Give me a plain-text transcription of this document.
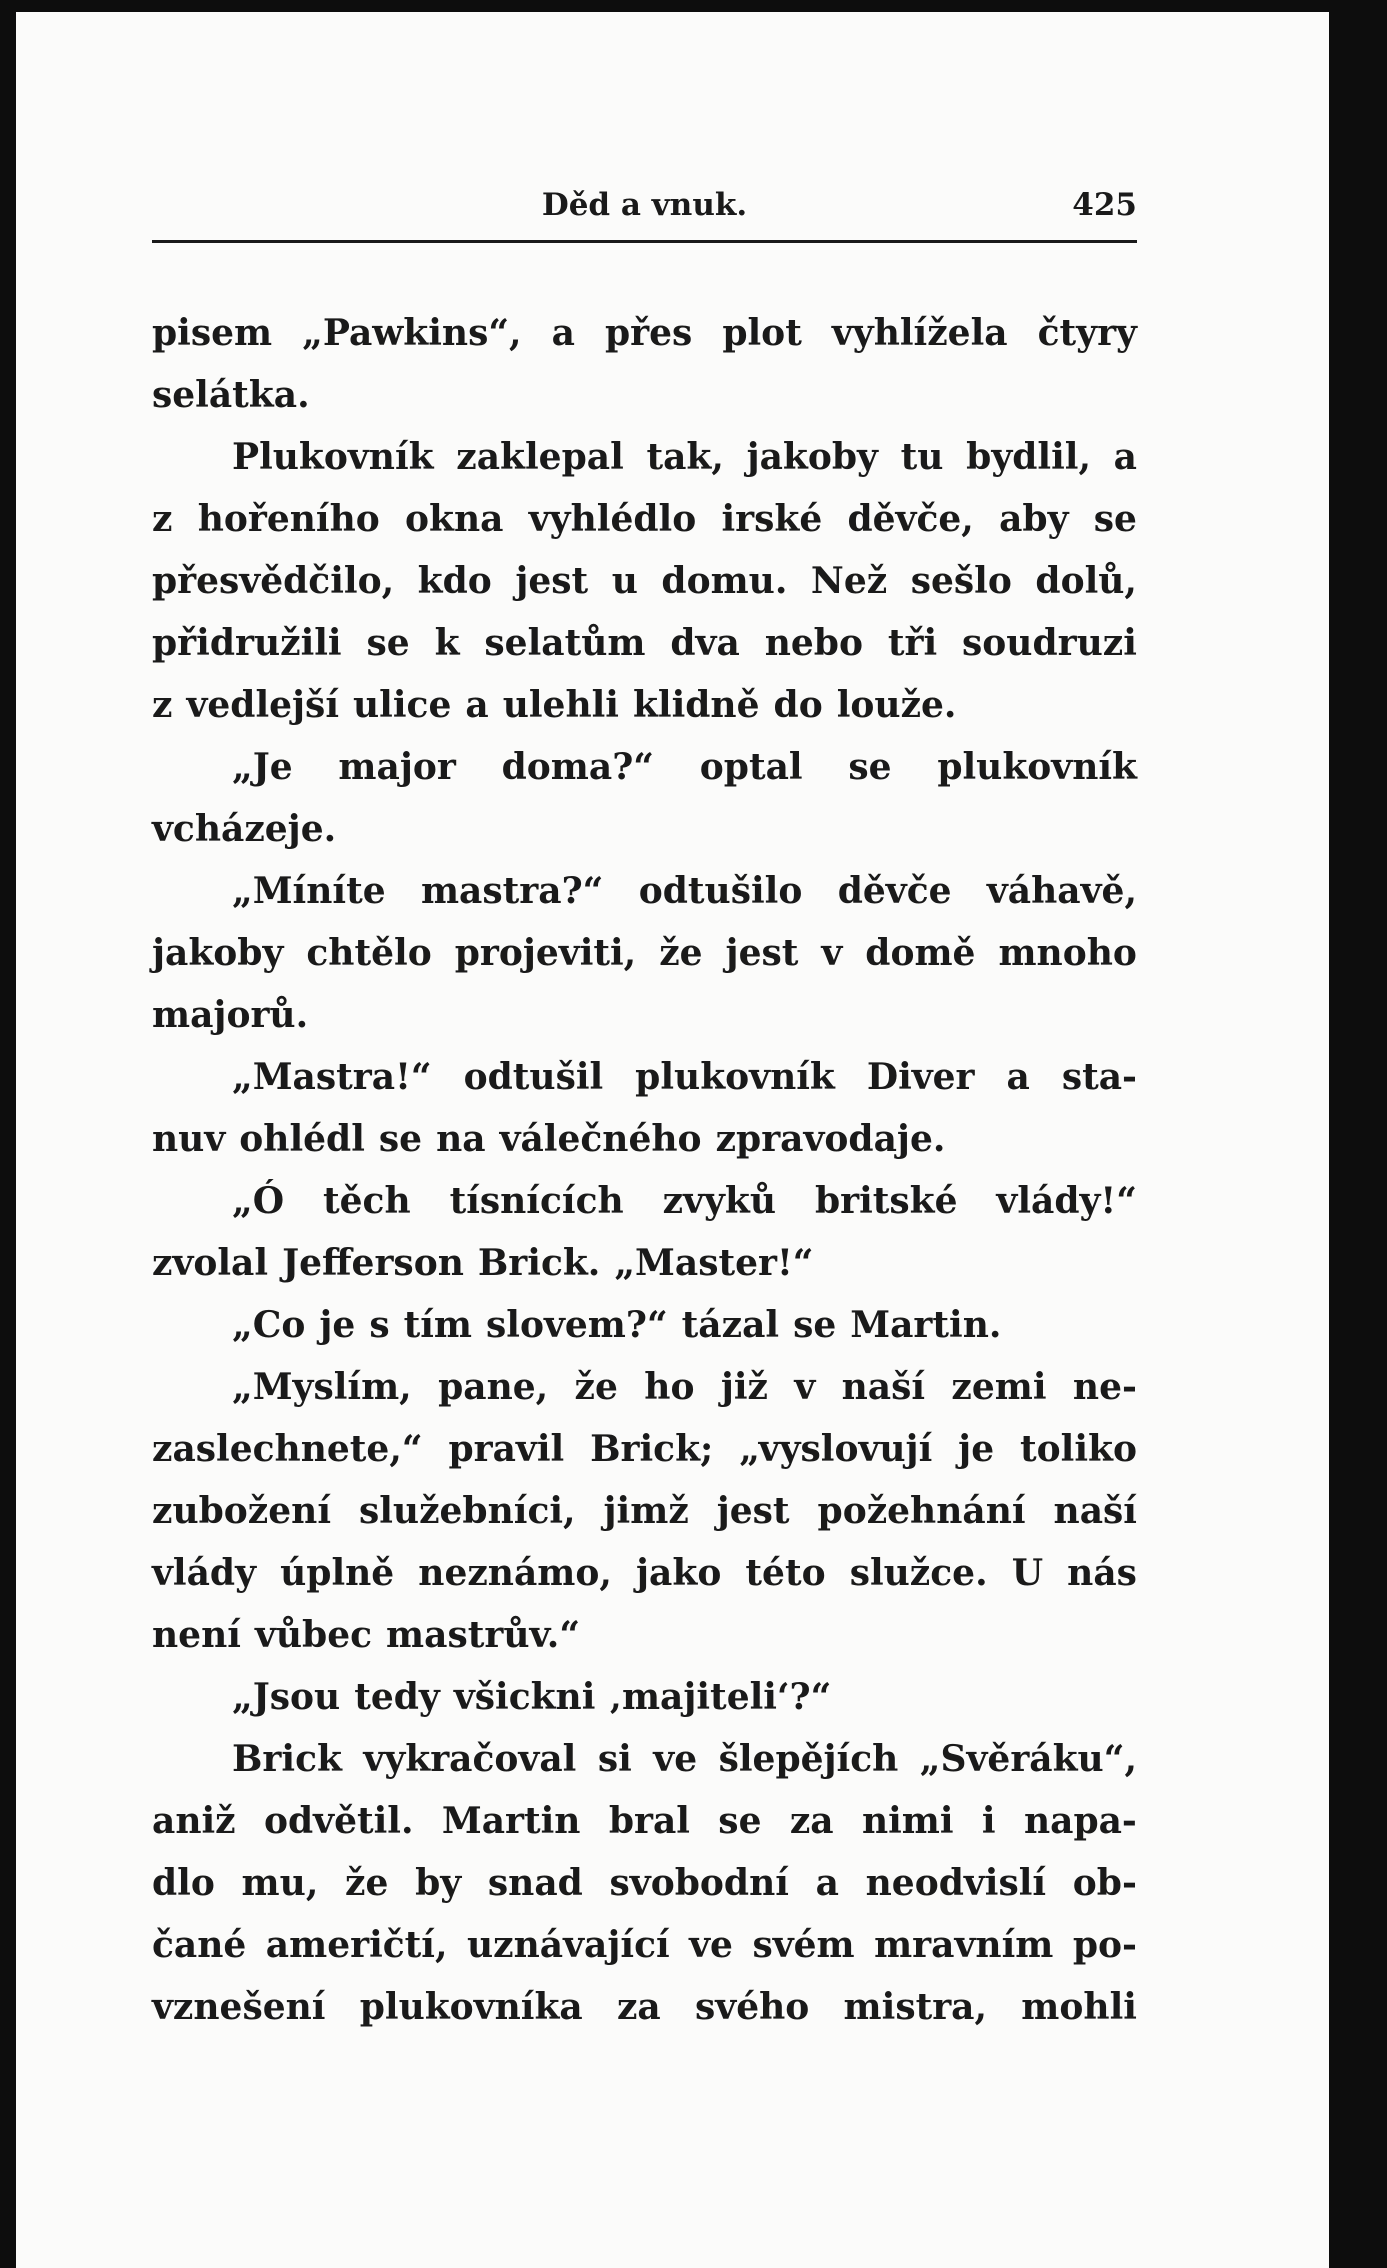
Děd a vnuk.	425
pisem „Pawkins“, a přes plot vyhlížela čtyry
selátka.
Plukovník zaklepal tak, jakoby tu bydlil, a
z hořeního okna vyhlédlo irské děvče, aby se
přesvědčilo, kdo jest u domu. Než sešlo dolů,
přidružili se k selatům dva nebo tři soudruzi
z vedlejší ulice a ulehli klidně do louže.
„Je major doma?“ optal se plukovník
vcházeje.
„Míníte mastra?“ odtušilo děvče váhavě,
jakoby chtělo projeviti, že jest v domě mnoho
majorů.
„Mastra!“ odtušil plukovník Diver a sta-
nuv ohlédl se na válečného zpravodaje.
„Ó těch tísnících zvyků britské vlády!“
zvolal Jefferson Brick. „Master!“
„Co je s tím slovem?“ tázal se Martin.
„Myslím, pane, že ho již v naší zemi ne-
zaslechnete,“ pravil Brick; „vyslovují je toliko
zubožení služebníci, jimž jest požehnání naší
vlády úplně neznámo, jako této služce. U nás
není vůbec mastrův.“
„Jsou tedy všickni ‚majiteli‘?“
Brick vykračoval si ve šlepějích „Svěráku“,
aniž odvětil. Martin bral se za nimi i napa-
dlo mu, že by snad svobodní a neodvislí ob-
čané američtí, uznávající ve svém mravním po-
vznešení plukovníka za svého mistra, mohli
